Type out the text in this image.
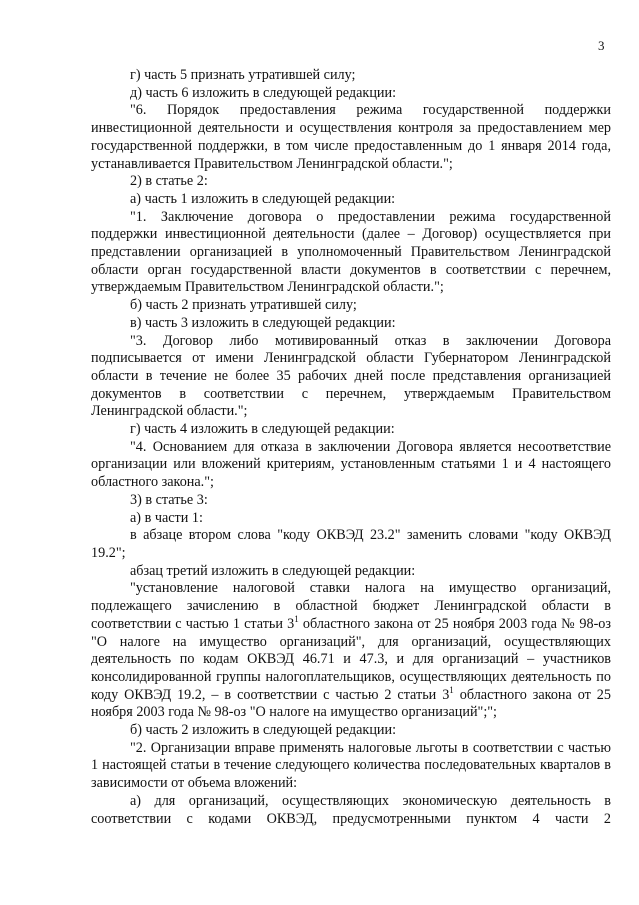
3

г) часть 5 признать утратившей силу;

д) часть 6 изложить в следующей редакции:

"6. Порядок предоставления режима государственной поддержки инвестиционной деятельности и осуществления контроля за предоставлением мер государственной поддержки, в том числе предоставленным до 1 января 2014 года, устанавливается Правительством Ленинградской области.";

2) в статье 2:

а) часть 1 изложить в следующей редакции:

"1. Заключение договора о предоставлении режима государственной поддержки инвестиционной деятельности (далее – Договор) осуществляется при представлении организацией в уполномоченный Правительством Ленинградской области орган государственной власти документов в соответствии с перечнем, утверждаемым Правительством Ленинградской области.";

б) часть 2 признать утратившей силу;

в) часть 3 изложить в следующей редакции:

"3. Договор либо мотивированный отказ в заключении Договора подписывается от имени Ленинградской области Губернатором Ленинградской области в течение не более 35 рабочих дней после представления организацией документов в соответствии с перечнем, утверждаемым Правительством Ленинградской области.";

г) часть 4 изложить в следующей редакции:

"4. Основанием для отказа в заключении Договора является несоответствие организации или вложений критериям, установленным статьями 1 и 4 настоящего областного закона.";

3) в статье 3:

а) в части 1:

в абзаце втором слова "коду ОКВЭД 23.2" заменить словами "коду ОКВЭД 19.2";

абзац третий изложить в следующей редакции:

"установление налоговой ставки налога на имущество организаций, подлежащего зачислению в областной бюджет Ленинградской области в соответствии с частью 1 статьи $3^1$ областного закона от 25 ноября 2003 года № 98-оз "О налоге на имущество организаций", для организаций, осуществляющих деятельность по кодам ОКВЭД 46.71 и 47.3, и для организаций – участников консолидированной группы налогоплательщиков, осуществляющих деятельность по коду ОКВЭД 19.2, – в соответствии с частью 2 статьи $3^1$ областного закона от 25 ноября 2003 года № 98-оз "О налоге на имущество организаций";";

б) часть 2 изложить в следующей редакции:

"2. Организации вправе применять налоговые льготы в соответствии с частью 1 настоящей статьи в течение следующего количества последовательных кварталов в зависимости от объема вложений:

а) для организаций, осуществляющих экономическую деятельность в соответствии с кодами ОКВЭД, предусмотренными пунктом 4 части 2
